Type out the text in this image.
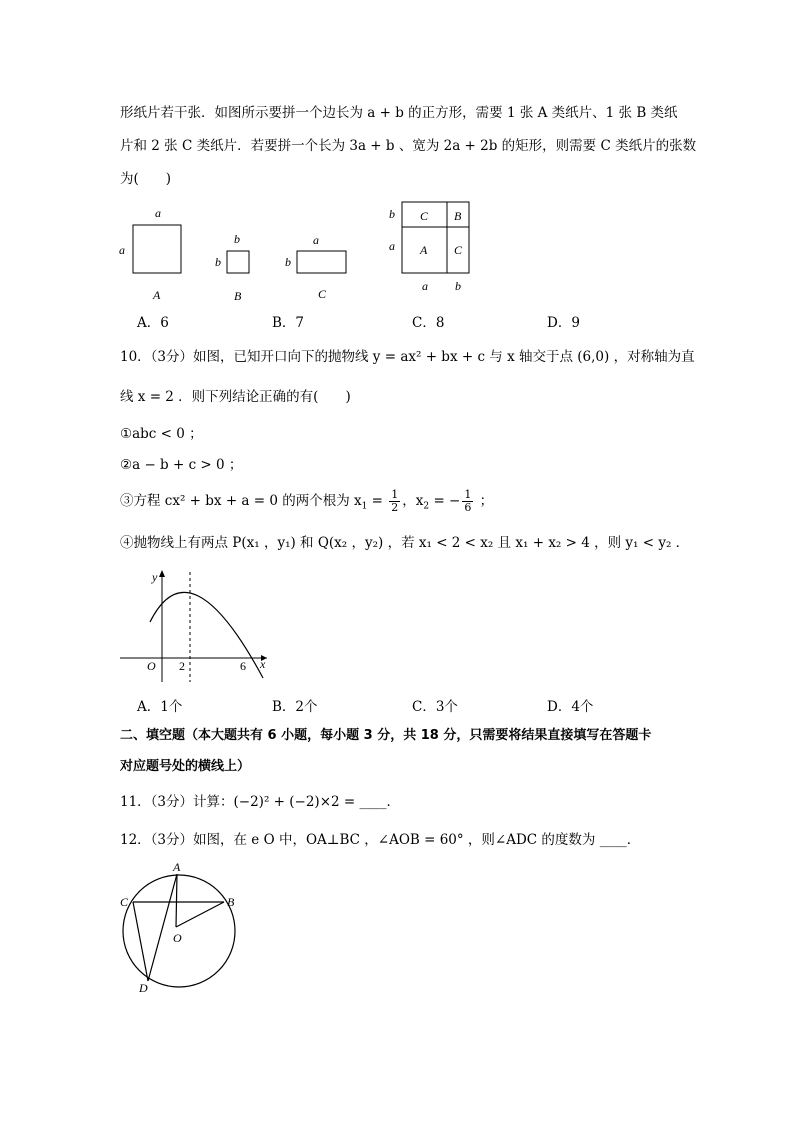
形纸片若干张．如图所示要拼一个边长为 a + b 的正方形，需要 1 张 A 类纸片、1 张 B 类纸
片和 2 张 C 类纸片．若要拼一个长为 3a + b 、宽为 2a + 2b 的矩形，则需要 C 类纸片的张数
为(　　)
a
a
A
b
b
B
a
b
C
C B
A C
b
a
a b
A．6	B．7	C．8	D．9
10．（3分）如图，已知开口向下的抛物线 y = ax² + bx + c 与 x 轴交于点 (6,0) ，对称轴为直
线 x = 2 ．则下列结论正确的有(　　)
①abc < 0 ；
②a − b + c > 0 ；
③方程 cx² + bx + a = 0 的两个根为 $x_1 = \frac{1}{2}$ ，$x_2$ = − $\frac{1}{6}$ ；
④抛物线上有两点 P(x₁ ，y₁) 和 Q(x₂ ，y₂) ，若 x₁ < 2 < x₂ 且 x₁ + x₂ > 4 ，则 y₁ < y₂ ．
y
x
O 2	6
A．1个	B．2个	C．3个	D．4个
二、填空题（本大题共有 6 小题，每小题 3 分，共 18 分，只需要将结果直接填写在答题卡
对应题号处的横线上）
11．（3分）计算：(−2)² + (−2)×2 = ____．
12．（3分）如图，在 e O 中，OA⊥BC ，∠AOB = 60° ，则∠ADC 的度数为 ____．
A
B
C
D
O
